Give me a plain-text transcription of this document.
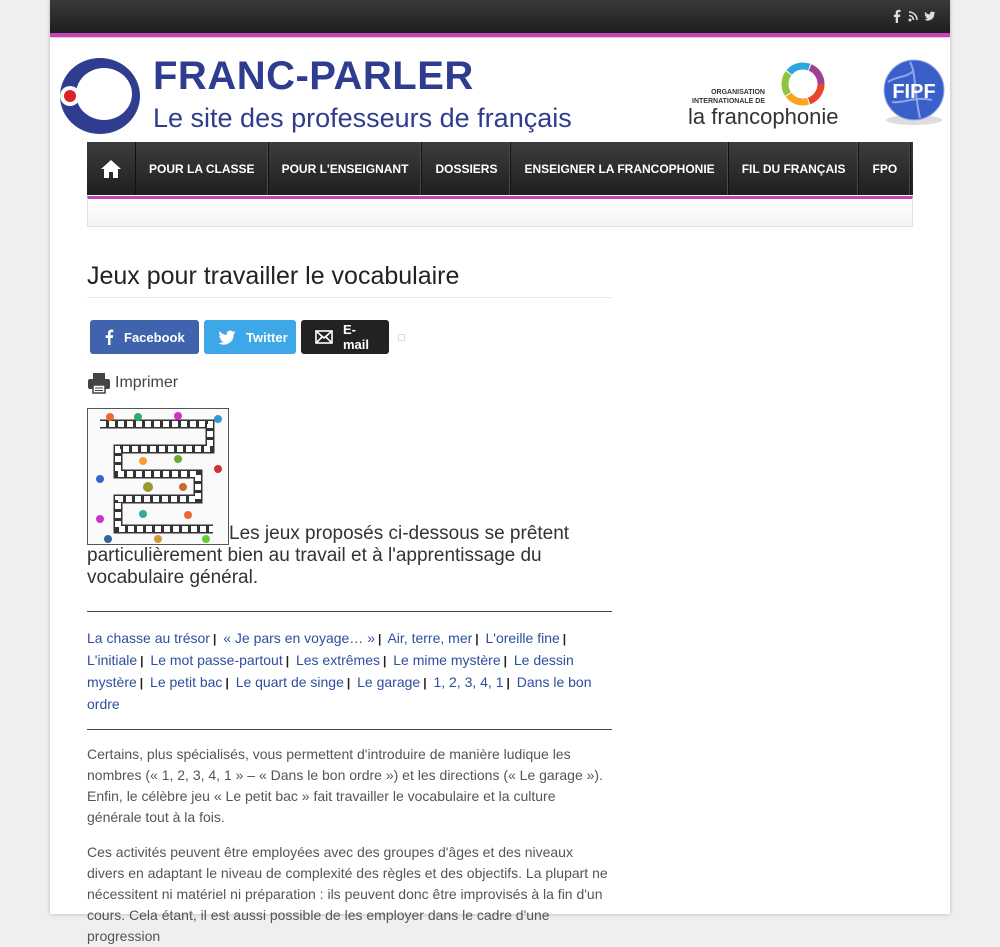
FRANC-PARLER
Le site des professeurs de français
ORGANISATION
INTERNATIONALE DE
la francophonie
FIPF
POUR LA CLASSE	POUR L'ENSEIGNANT	DOSSIERS	ENSEIGNER LA FRANCOPHONIE	FIL DU FRANÇAIS	FPO
Jeux pour travailler le vocabulaire
Facebook	Twitter	E-mail
Imprimer
Les jeux proposés ci-dessous se prêtent particulièrement bien au travail et à l'apprentissage du vocabulaire général.
La chasse au trésor | « Je pars en voyage… » | Air, terre, mer | L'oreille fine | L'initiale | Le mot passe-partout | Les extrêmes | Le mime mystère | Le dessin mystère | Le petit bac | Le quart de singe | Le garage | 1, 2, 3, 4, 1 | Dans le bon ordre

Certains, plus spécialisés, vous permettent d'introduire de manière ludique les nombres (« 1, 2, 3, 4, 1 » – « Dans le bon ordre ») et les directions (« Le garage »). Enfin, le célèbre jeu « Le petit bac » fait travailler le vocabulaire et la culture générale tout à la fois.

Ces activités peuvent être employées avec des groupes d'âges et des niveaux divers en adaptant le niveau de complexité des règles et des objectifs. La plupart ne nécessitent ni matériel ni préparation : ils peuvent donc être improvisés à la fin d'un cours. Cela étant, il est aussi possible de les employer dans le cadre d'une progression
